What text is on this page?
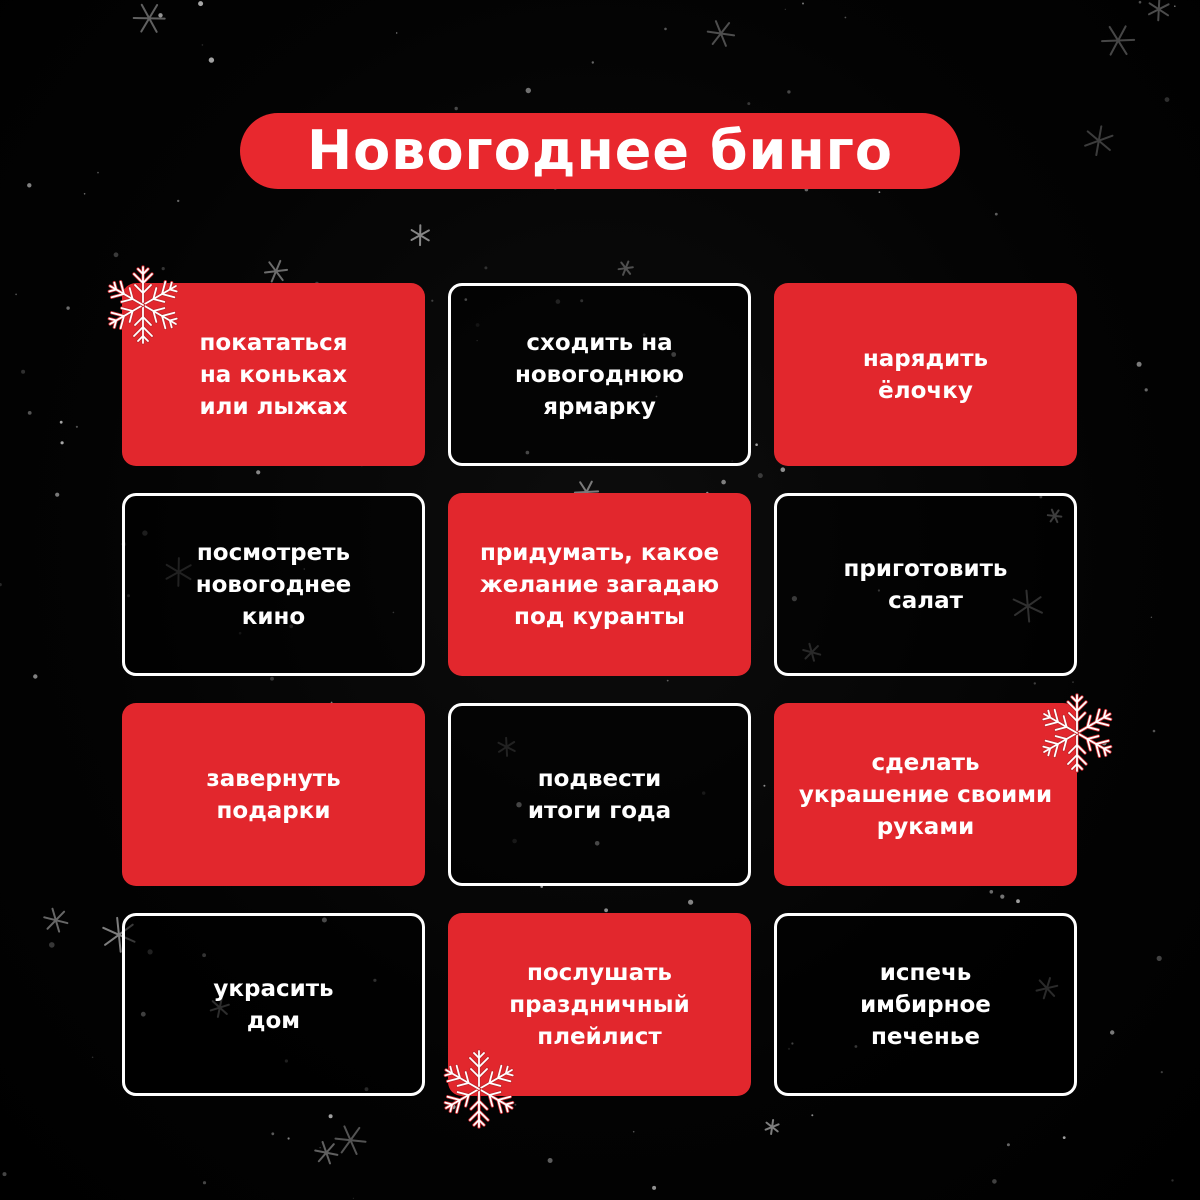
Новогоднее бинго
покататься
на коньках
или лыжах
сходить на
новогоднюю
ярмарку
нарядить
ёлочку
посмотреть
новогоднее
кино
придумать, какое
желание загадаю
под куранты
приготовить
салат
завернуть
подарки
подвести
итоги года
сделать
украшение своими
руками
украсить
дом
послушать
праздничный
плейлист
испечь
имбирное
печенье
